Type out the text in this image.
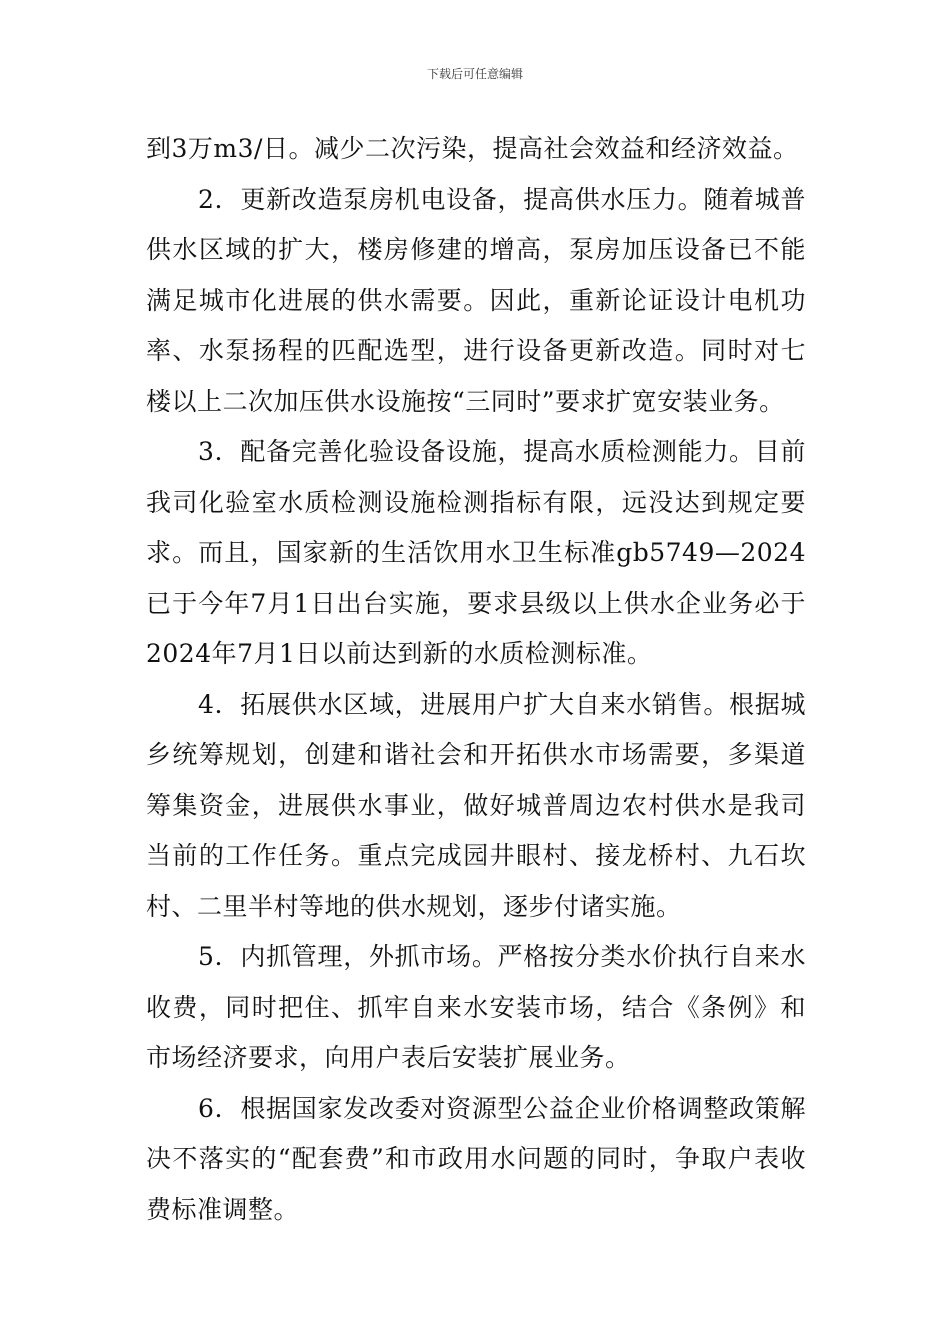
下载后可任意编辑

到3万m3/日。减少二次污染，提高社会效益和经济效益。

2．更新改造泵房机电设备，提高供水压力。随着城普供水区域的扩大，楼房修建的增高，泵房加压设备已不能满足城市化进展的供水需要。因此，重新论证设计电机功率、水泵扬程的匹配选型，进行设备更新改造。同时对七楼以上二次加压供水设施按“三同时”要求扩宽安装业务。

3．配备完善化验设备设施，提高水质检测能力。目前我司化验室水质检测设施检测指标有限，远没达到规定要求。而且，国家新的生活饮用水卫生标准gb5749—2024已于今年7月1日出台实施，要求县级以上供水企业务必于2024年7月1日以前达到新的水质检测标准。

4．拓展供水区域，进展用户扩大自来水销售。根据城乡统筹规划，创建和谐社会和开拓供水市场需要，多渠道筹集资金，进展供水事业，做好城普周边农村供水是我司当前的工作任务。重点完成园井眼村、接龙桥村、九石坎村、二里半村等地的供水规划，逐步付诸实施。

5．内抓管理，外抓市场。严格按分类水价执行自来水收费，同时把住、抓牢自来水安装市场，结合《条例》和市场经济要求，向用户表后安装扩展业务。

6．根据国家发改委对资源型公益企业价格调整政策解决不落实的“配套费”和市政用水问题的同时，争取户表收费标准调整。
